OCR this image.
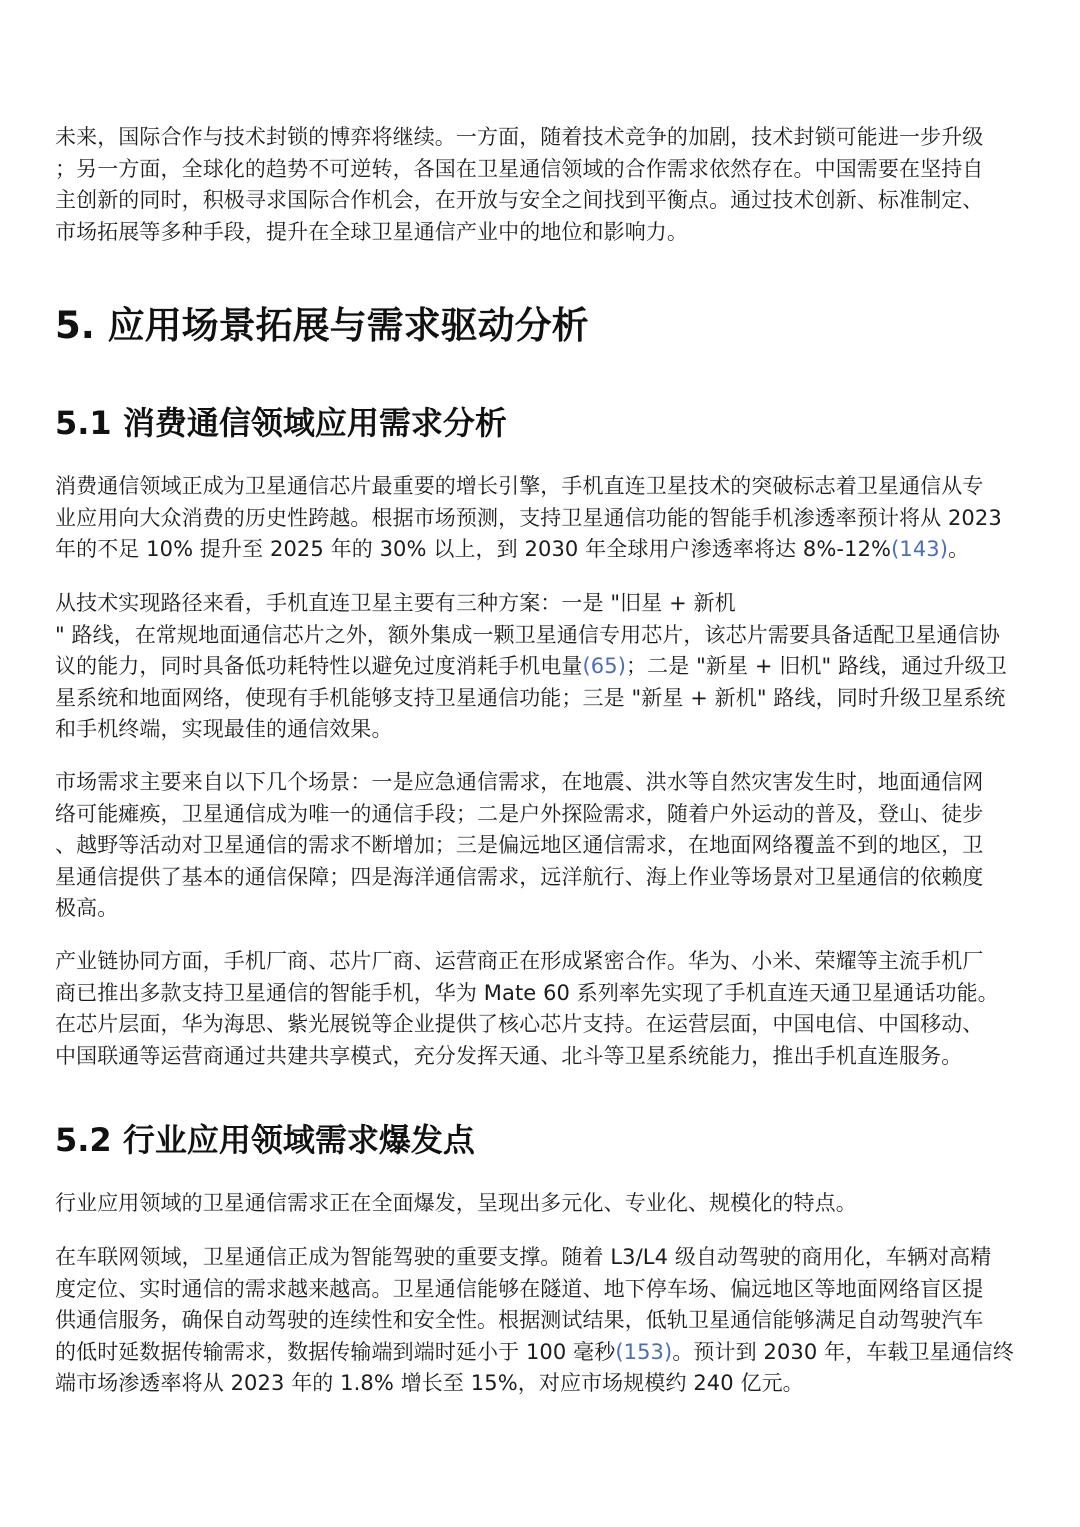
未来，国际合作与技术封锁的博弈将继续。一方面，随着技术竞争的加剧，技术封锁可能进一步升级
；另一方面，全球化的趋势不可逆转，各国在卫星通信领域的合作需求依然存在。中国需要在坚持自
主创新的同时，积极寻求国际合作机会，在开放与安全之间找到平衡点。通过技术创新、标准制定、
市场拓展等多种手段，提升在全球卫星通信产业中的地位和影响力。

5. 应用场景拓展与需求驱动分析
5.1 消费通信领域应用需求分析

消费通信领域正成为卫星通信芯片最重要的增长引擎，手机直连卫星技术的突破标志着卫星通信从专
业应用向大众消费的历史性跨越。根据市场预测，支持卫星通信功能的智能手机渗透率预计将从 2023
年的不足 10% 提升至 2025 年的 30% 以上，到 2030 年全球用户渗透率将达 8%-12%(143)。

从技术实现路径来看，手机直连卫星主要有三种方案：一是 "旧星 + 新机
" 路线，在常规地面通信芯片之外，额外集成一颗卫星通信专用芯片，该芯片需要具备适配卫星通信协
议的能力，同时具备低功耗特性以避免过度消耗手机电量(65)；二是 "新星 + 旧机" 路线，通过升级卫
星系统和地面网络，使现有手机能够支持卫星通信功能；三是 "新星 + 新机" 路线，同时升级卫星系统
和手机终端，实现最佳的通信效果。

市场需求主要来自以下几个场景：一是应急通信需求，在地震、洪水等自然灾害发生时，地面通信网
络可能瘫痪，卫星通信成为唯一的通信手段；二是户外探险需求，随着户外运动的普及，登山、徒步
、越野等活动对卫星通信的需求不断增加；三是偏远地区通信需求，在地面网络覆盖不到的地区，卫
星通信提供了基本的通信保障；四是海洋通信需求，远洋航行、海上作业等场景对卫星通信的依赖度
极高。

产业链协同方面，手机厂商、芯片厂商、运营商正在形成紧密合作。华为、小米、荣耀等主流手机厂
商已推出多款支持卫星通信的智能手机，华为 Mate 60 系列率先实现了手机直连天通卫星通话功能。
在芯片层面，华为海思、紫光展锐等企业提供了核心芯片支持。在运营层面，中国电信、中国移动、
中国联通等运营商通过共建共享模式，充分发挥天通、北斗等卫星系统能力，推出手机直连服务。

5.2 行业应用领域需求爆发点

行业应用领域的卫星通信需求正在全面爆发，呈现出多元化、专业化、规模化的特点。

在车联网领域，卫星通信正成为智能驾驶的重要支撑。随着 L3/L4 级自动驾驶的商用化，车辆对高精
度定位、实时通信的需求越来越高。卫星通信能够在隧道、地下停车场、偏远地区等地面网络盲区提
供通信服务，确保自动驾驶的连续性和安全性。根据测试结果，低轨卫星通信能够满足自动驾驶汽车
的低时延数据传输需求，数据传输端到端时延小于 100 毫秒(153)。预计到 2030 年，车载卫星通信终
端市场渗透率将从 2023 年的 1.8% 增长至 15%，对应市场规模约 240 亿元。
